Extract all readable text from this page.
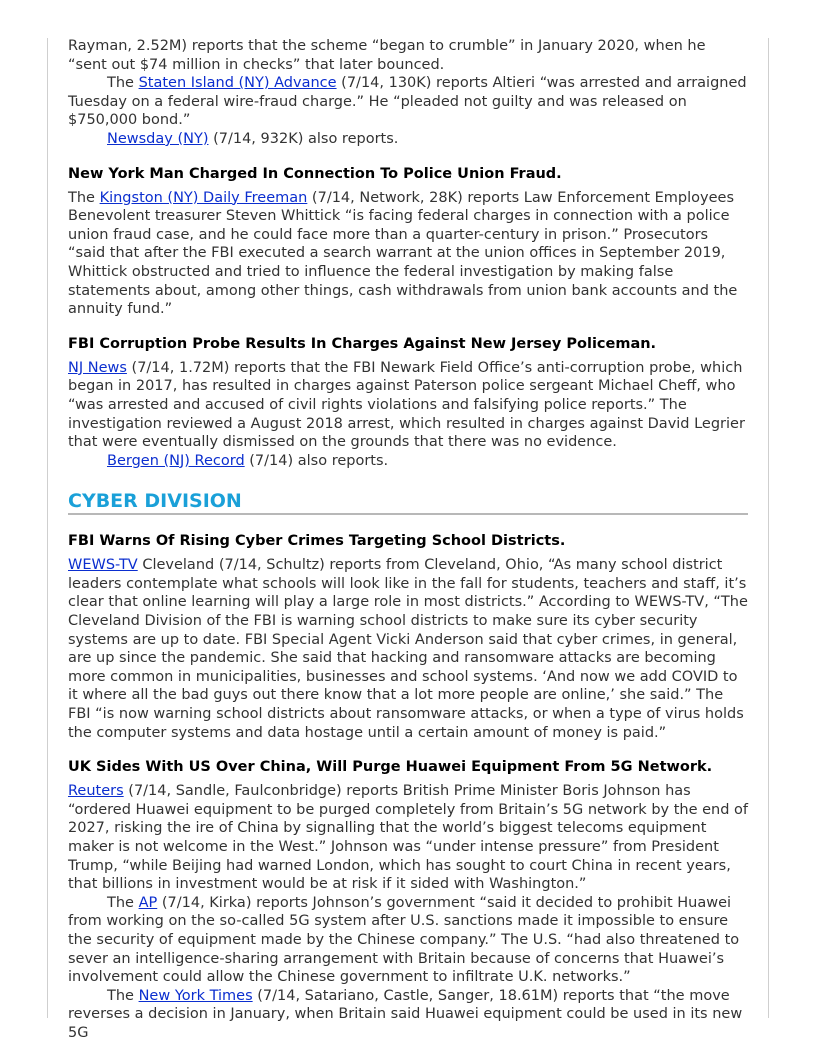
Rayman, 2.52M) reports that the scheme “began to crumble” in January 2020, when he “sent out $74 million in checks” that later bounced.

The Staten Island (NY) Advance (7/14, 130K) reports Altieri “was arrested and arraigned Tuesday on a federal wire-fraud charge.” He “pleaded not guilty and was released on $750,000 bond.”

Newsday (NY) (7/14, 932K) also reports.

New York Man Charged In Connection To Police Union Fraud.

The Kingston (NY) Daily Freeman (7/14, Network, 28K) reports Law Enforcement Employees Benevolent treasurer Steven Whittick “is facing federal charges in connection with a police union fraud case, and he could face more than a quarter-century in prison.” Prosecutors “said that after the FBI executed a search warrant at the union offices in September 2019, Whittick obstructed and tried to influence the federal investigation by making false statements about, among other things, cash withdrawals from union bank accounts and the annuity fund.”

FBI Corruption Probe Results In Charges Against New Jersey Policeman.

NJ News (7/14, 1.72M) reports that the FBI Newark Field Office’s anti-corruption probe, which began in 2017, has resulted in charges against Paterson police sergeant Michael Cheff, who “was arrested and accused of civil rights violations and falsifying police reports.” The investigation reviewed a August 2018 arrest, which resulted in charges against David Legrier that were eventually dismissed on the grounds that there was no evidence.

Bergen (NJ) Record (7/14) also reports.

CYBER DIVISION
FBI Warns Of Rising Cyber Crimes Targeting School Districts.

WEWS-TV Cleveland (7/14, Schultz) reports from Cleveland, Ohio, “As many school district leaders contemplate what schools will look like in the fall for students, teachers and staff, it’s clear that online learning will play a large role in most districts.” According to WEWS-TV, “The Cleveland Division of the FBI is warning school districts to make sure its cyber security systems are up to date. FBI Special Agent Vicki Anderson said that cyber crimes, in general, are up since the pandemic. She said that hacking and ransomware attacks are becoming more common in municipalities, businesses and school systems. ‘And now we add COVID to it where all the bad guys out there know that a lot more people are online,’ she said.” The FBI “is now warning school districts about ransomware attacks, or when a type of virus holds the computer systems and data hostage until a certain amount of money is paid.”

UK Sides With US Over China, Will Purge Huawei Equipment From 5G Network.

Reuters (7/14, Sandle, Faulconbridge) reports British Prime Minister Boris Johnson has “ordered Huawei equipment to be purged completely from Britain’s 5G network by the end of 2027, risking the ire of China by signalling that the world’s biggest telecoms equipment maker is not welcome in the West.” Johnson was “under intense pressure” from President Trump, “while Beijing had warned London, which has sought to court China in recent years, that billions in investment would be at risk if it sided with Washington.”

The AP (7/14, Kirka) reports Johnson’s government “said it decided to prohibit Huawei from working on the so-called 5G system after U.S. sanctions made it impossible to ensure the security of equipment made by the Chinese company.” The U.S. “had also threatened to sever an intelligence-sharing arrangement with Britain because of concerns that Huawei’s involvement could allow the Chinese government to infiltrate U.K. networks.”

The New York Times (7/14, Satariano, Castle, Sanger, 18.61M) reports that “the move reverses a decision in January, when Britain said Huawei equipment could be used in its new 5G
